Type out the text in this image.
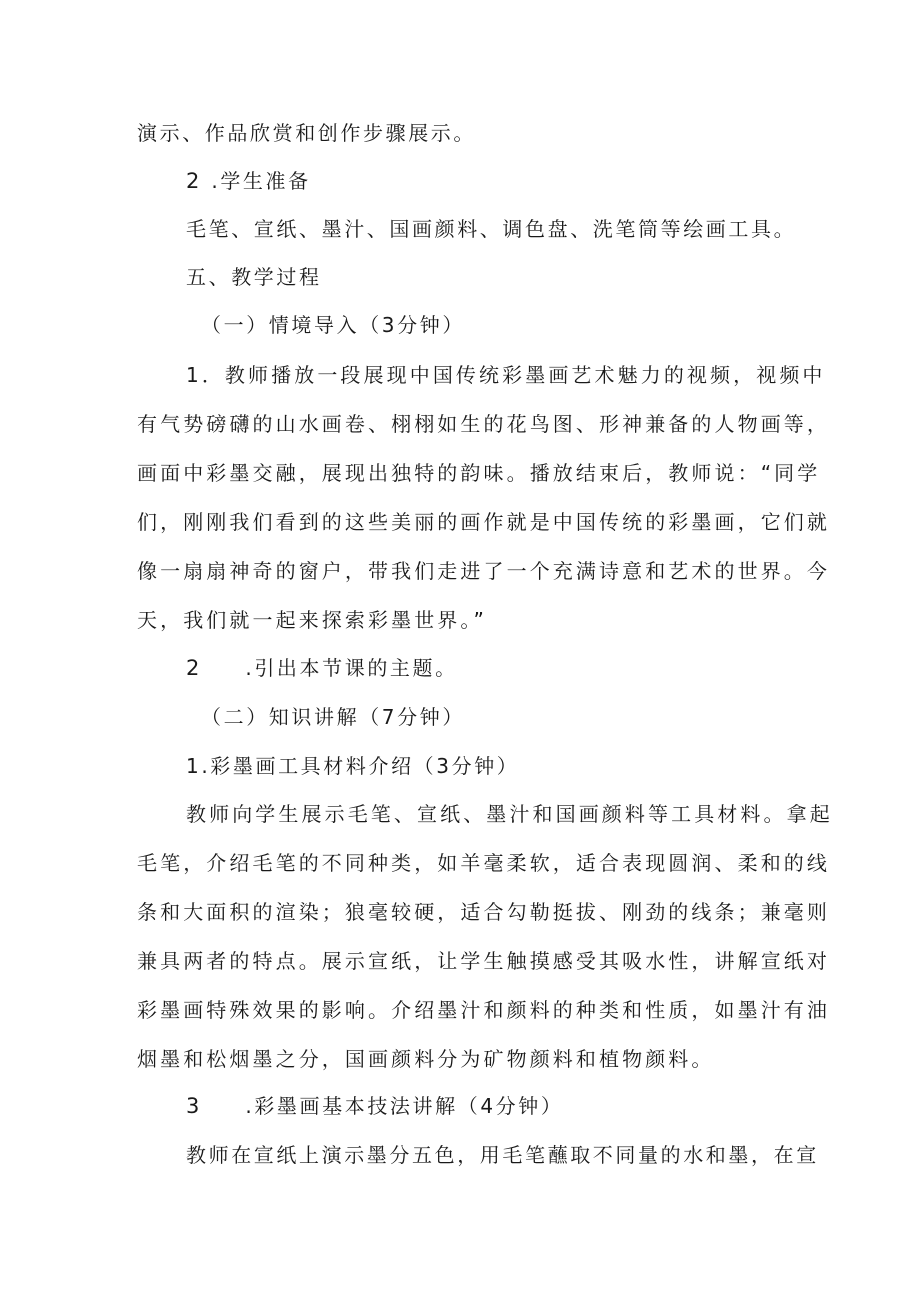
演示、作品欣赏和创作步骤展示。
2 .学生准备
毛笔、宣纸、墨汁、国画颜料、调色盘、洗笔筒等绘画工具。
五、教学过程
（一）情境导入（3分钟）
1．教师播放一段展现中国传统彩墨画艺术魅力的视频，视频中
有气势磅礴的山水画卷、栩栩如生的花鸟图、形神兼备的人物画等，
画面中彩墨交融，展现出独特的韵味。播放结束后，教师说：“同学
们，刚刚我们看到的这些美丽的画作就是中国传统的彩墨画，它们就
像一扇扇神奇的窗户，带我们走进了一个充满诗意和艺术的世界。今
天，我们就一起来探索彩墨世界。”
2 .引出本节课的主题。
（二）知识讲解（7分钟）
1.彩墨画工具材料介绍（3分钟）
教师向学生展示毛笔、宣纸、墨汁和国画颜料等工具材料。拿起
毛笔，介绍毛笔的不同种类，如羊毫柔软，适合表现圆润、柔和的线
条和大面积的渲染；狼毫较硬，适合勾勒挺拔、刚劲的线条；兼毫则
兼具两者的特点。展示宣纸，让学生触摸感受其吸水性，讲解宣纸对
彩墨画特殊效果的影响。介绍墨汁和颜料的种类和性质，如墨汁有油
烟墨和松烟墨之分，国画颜料分为矿物颜料和植物颜料。
3 .彩墨画基本技法讲解（4分钟）
教师在宣纸上演示墨分五色，用毛笔蘸取不同量的水和墨，在宣
